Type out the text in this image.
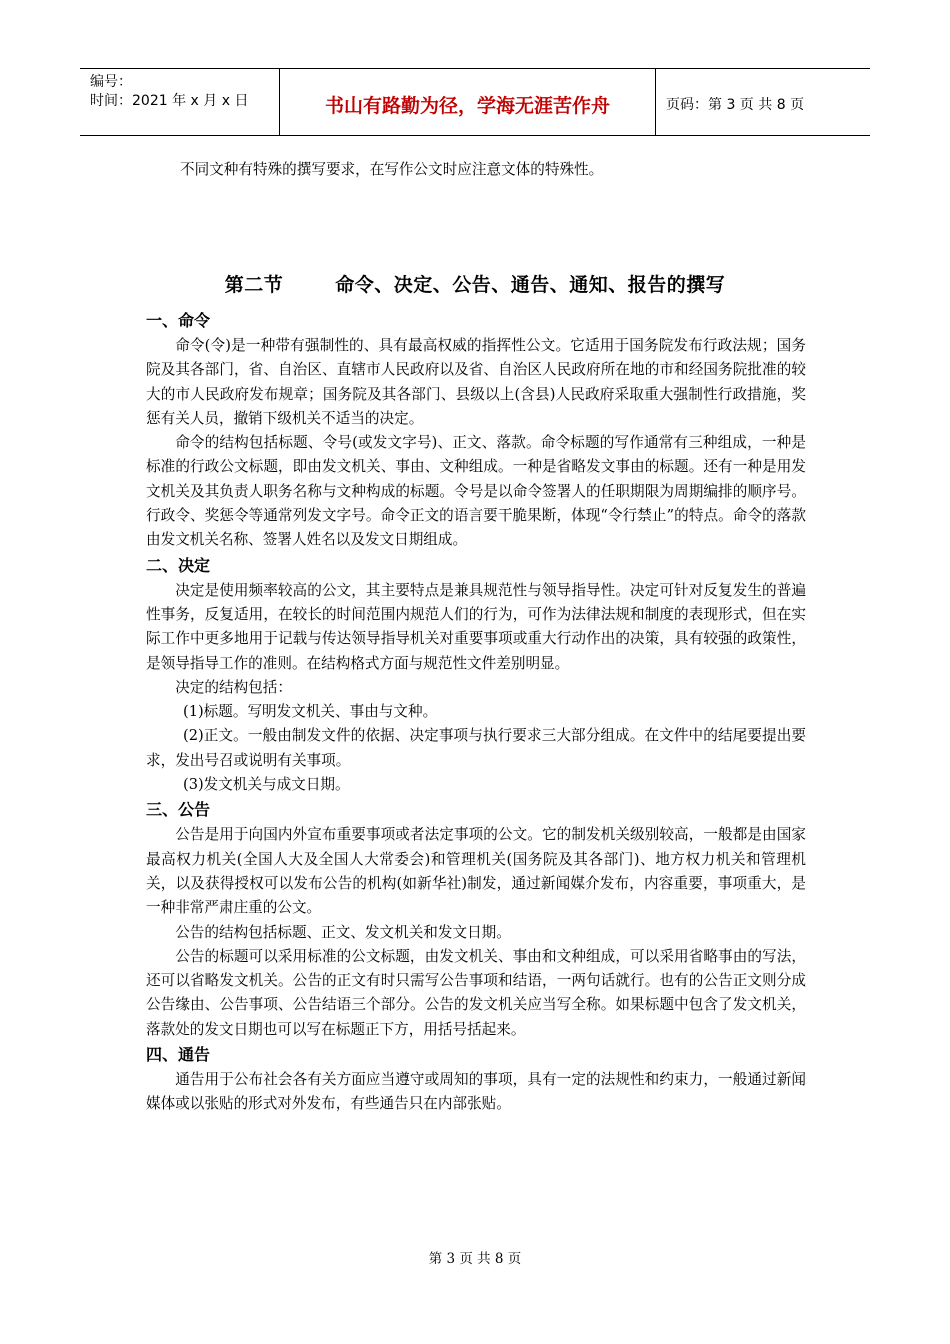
编号：
时间：2021 年 x 月 x 日	书山有路勤为径，学海无涯苦作舟	页码：第 3 页 共 8 页
不同文种有特殊的撰写要求，在写作公文时应注意文体的特殊性。
第二节	命令、决定、公告、通告、通知、报告的撰写
一、命令

命令(令)是一种带有强制性的、具有最高权威的指挥性公文。它适用于国务院发布行政法规；国务院及其各部门，省、自治区、直辖市人民政府以及省、自治区人民政府所在地的市和经国务院批准的较大的市人民政府发布规章；国务院及其各部门、县级以上(含县)人民政府采取重大强制性行政措施，奖惩有关人员，撤销下级机关不适当的决定。

命令的结构包括标题、令号(或发文字号)、正文、落款。命令标题的写作通常有三种组成，一种是标准的行政公文标题，即由发文机关、事由、文种组成。一种是省略发文事由的标题。还有一种是用发文机关及其负责人职务名称与文种构成的标题。令号是以命令签署人的任职期限为周期编排的顺序号。行政令、奖惩令等通常列发文字号。命令正文的语言要干脆果断，体现“令行禁止”的特点。命令的落款由发文机关名称、签署人姓名以及发文日期组成。

二、决定

决定是使用频率较高的公文，其主要特点是兼具规范性与领导指导性。决定可针对反复发生的普遍性事务，反复适用，在较长的时间范围内规范人们的行为，可作为法律法规和制度的表现形式，但在实际工作中更多地用于记载与传达领导指导机关对重要事项或重大行动作出的决策，具有较强的政策性，是领导指导工作的准则。在结构格式方面与规范性文件差别明显。

决定的结构包括：

(1)标题。写明发文机关、事由与文种。

(2)正文。一般由制发文件的依据、决定事项与执行要求三大部分组成。在文件中的结尾要提出要求，发出号召或说明有关事项。

(3)发文机关与成文日期。

三、公告

公告是用于向国内外宣布重要事项或者法定事项的公文。它的制发机关级别较高，一般都是由国家最高权力机关(全国人大及全国人大常委会)和管理机关(国务院及其各部门)、地方权力机关和管理机关，以及获得授权可以发布公告的机构(如新华社)制发，通过新闻媒介发布，内容重要，事项重大，是一种非常严肃庄重的公文。

公告的结构包括标题、正文、发文机关和发文日期。

公告的标题可以采用标准的公文标题，由发文机关、事由和文种组成，可以采用省略事由的写法，还可以省略发文机关。公告的正文有时只需写公告事项和结语，一两句话就行。也有的公告正文则分成公告缘由、公告事项、公告结语三个部分。公告的发文机关应当写全称。如果标题中包含了发文机关，落款处的发文日期也可以写在标题正下方，用括号括起来。

四、通告

通告用于公布社会各有关方面应当遵守或周知的事项，具有一定的法规性和约束力，一般通过新闻媒体或以张贴的形式对外发布，有些通告只在内部张贴。

第 3 页 共 8 页
